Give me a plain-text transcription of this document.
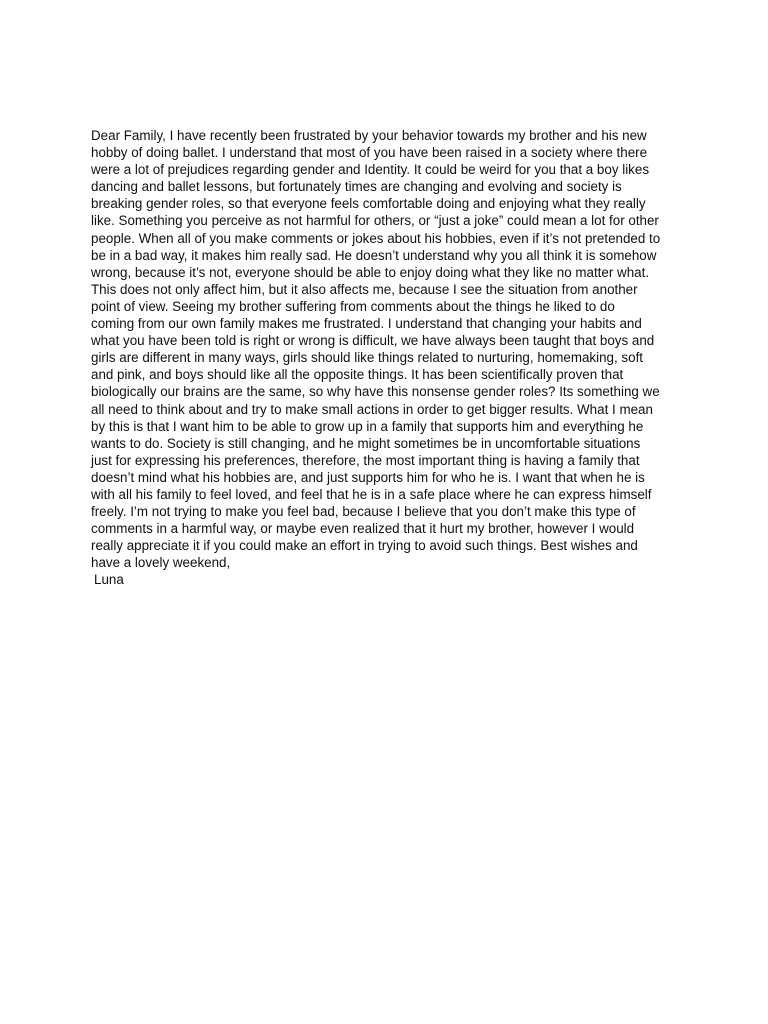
Dear Family, I have recently been frustrated by your behavior towards my brother and his new
hobby of doing ballet. I understand that most of you have been raised in a society where there
were a lot of prejudices regarding gender and Identity. It could be weird for you that a boy likes
dancing and ballet lessons, but fortunately times are changing and evolving and society is
breaking gender roles, so that everyone feels comfortable doing and enjoying what they really
like. Something you perceive as not harmful for others, or “just a joke” could mean a lot for other
people. When all of you make comments or jokes about his hobbies, even if it’s not pretended to
be in a bad way, it makes him really sad. He doesn’t understand why you all think it is somehow
wrong, because it’s not, everyone should be able to enjoy doing what they like no matter what.
This does not only affect him, but it also affects me, because I see the situation from another
point of view. Seeing my brother suffering from comments about the things he liked to do
coming from our own family makes me frustrated. I understand that changing your habits and
what you have been told is right or wrong is difficult, we have always been taught that boys and
girls are different in many ways, girls should like things related to nurturing, homemaking, soft
and pink, and boys should like all the opposite things. It has been scientifically proven that
biologically our brains are the same, so why have this nonsense gender roles? Its something we
all need to think about and try to make small actions in order to get bigger results. What I mean
by this is that I want him to be able to grow up in a family that supports him and everything he
wants to do. Society is still changing, and he might sometimes be in uncomfortable situations
just for expressing his preferences, therefore, the most important thing is having a family that
doesn’t mind what his hobbies are, and just supports him for who he is. I want that when he is
with all his family to feel loved, and feel that he is in a safe place where he can express himself
freely. I’m not trying to make you feel bad, because I believe that you don’t make this type of
comments in a harmful way, or maybe even realized that it hurt my brother, however I would
really appreciate it if you could make an effort in trying to avoid such things. Best wishes and
have a lovely weekend,
Luna
